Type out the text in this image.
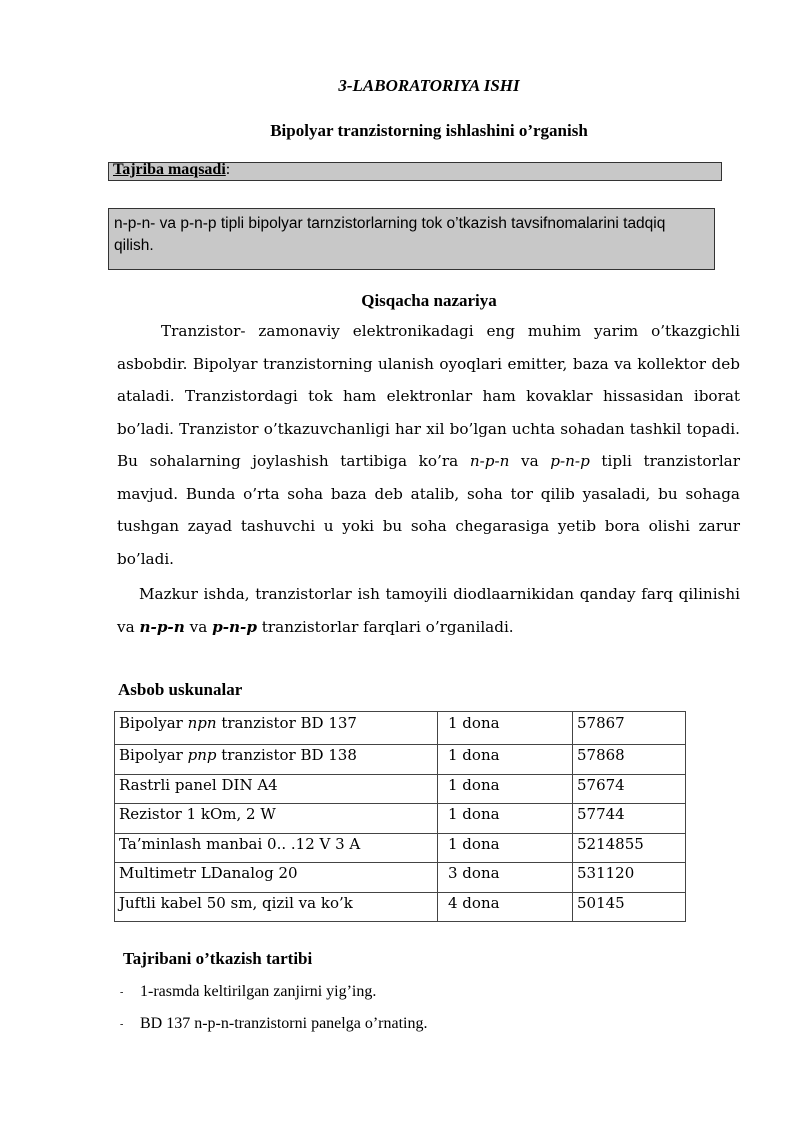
3-LABORATORIYA ISHI
Bipolyar tranzistorning ishlashini o’rganish
Tajriba maqsadi:
n-p-n- va p-n-p tipli bipolyar tarnzistorlarning tok o’tkazish tavsifnomalarini tadqiq qilish.
Qisqacha nazariya
Tranzistor- zamonaviy elektronikadagi eng muhim yarim o’tkazgichli asbobdir. Bipolyar tranzistorning ulanish oyoqlari emitter, baza va kollektor deb ataladi. Tranzistordagi tok ham elektronlar ham kovaklar hissasidan iborat bo’ladi. Tranzistor o’tkazuvchanligi har xil bo’lgan uchta sohadan tashkil topadi. Bu sohalarning joylashish tartibiga ko’ra n-p-n va p-n-p tipli tranzistorlar mavjud. Bunda o’rta soha baza deb atalib, soha tor qilib yasaladi, bu sohaga tushgan zayad tashuvchi u yoki bu soha chegarasiga yetib bora olishi zarur bo’ladi.
Mazkur ishda, tranzistorlar ish tamoyili diodlaarnikidan qanday farq qilinishi va n-p-n va p-n-p tranzistorlar farqlari o’rganiladi.
Asbob uskunalar
Bipolyar npn tranzistor BD 137	1 dona	57867
Bipolyar pnp tranzistor BD 138	1 dona	57868
Rastrli panel DIN A4	1 dona	57674
Rezistor 1 kOm, 2 W	1 dona	57744
Ta’minlash manbai 0.. .12 V 3 A	1 dona	5214855
Multimetr LDanalog 20	3 dona	531120
Juftli kabel 50 sm, qizil va ko’k	4 dona	50145
Tajribani o’tkazish tartibi
- 1-rasmda keltirilgan zanjirni yig’ing.
- BD 137 n-p-n-tranzistorni panelga o’rnating.
